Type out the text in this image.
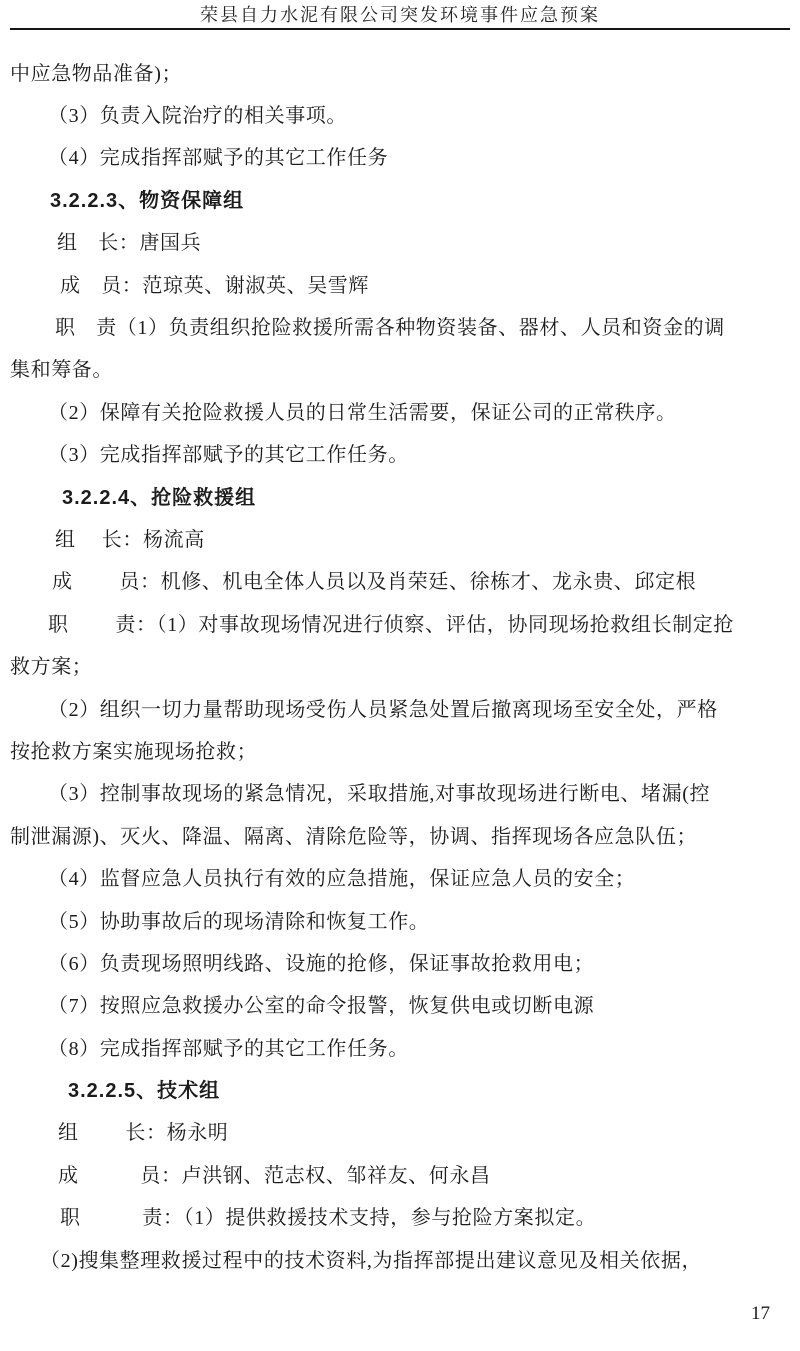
荣县自力水泥有限公司突发环境事件应急预案
中应急物品准备)；
（3）负责入院治疗的相关事项。
（4）完成指挥部赋予的其它工作任务
3.2.2.3、物资保障组
组　长：唐国兵
成　员：范琼英、谢淑英、吴雪辉
职　责（1）负责组织抢险救援所需各种物资装备、器材、人员和资金的调
集和筹备。
（2）保障有关抢险救援人员的日常生活需要，保证公司的正常秩序。
（3）完成指挥部赋予的其它工作任务。
3.2.2.4、抢险救援组
组　 长：杨流高
成　　 员：机修、机电全体人员以及肖荣廷、徐栋才、龙永贵、邱定根
职　　 责：（1）对事故现场情况进行侦察、评估，协同现场抢救组长制定抢
救方案；
（2）组织一切力量帮助现场受伤人员紧急处置后撤离现场至安全处，严格
按抢救方案实施现场抢救；
（3）控制事故现场的紧急情况，采取措施,对事故现场进行断电、堵漏(控
制泄漏源)、灭火、降温、隔离、清除危险等，协调、指挥现场各应急队伍；
（4）监督应急人员执行有效的应急措施，保证应急人员的安全；
（5）协助事故后的现场清除和恢复工作。
（6）负责现场照明线路、设施的抢修，保证事故抢救用电；
（7）按照应急救援办公室的命令报警，恢复供电或切断电源
（8）完成指挥部赋予的其它工作任务。
3.2.2.5、技术组
组　　 长：杨永明
成　　　员：卢洪钢、范志权、邹祥友、何永昌
职　　　责：（1）提供救援技术支持，参与抢险方案拟定。
（2)搜集整理救援过程中的技术资料,为指挥部提出建议意见及相关依据，
17
